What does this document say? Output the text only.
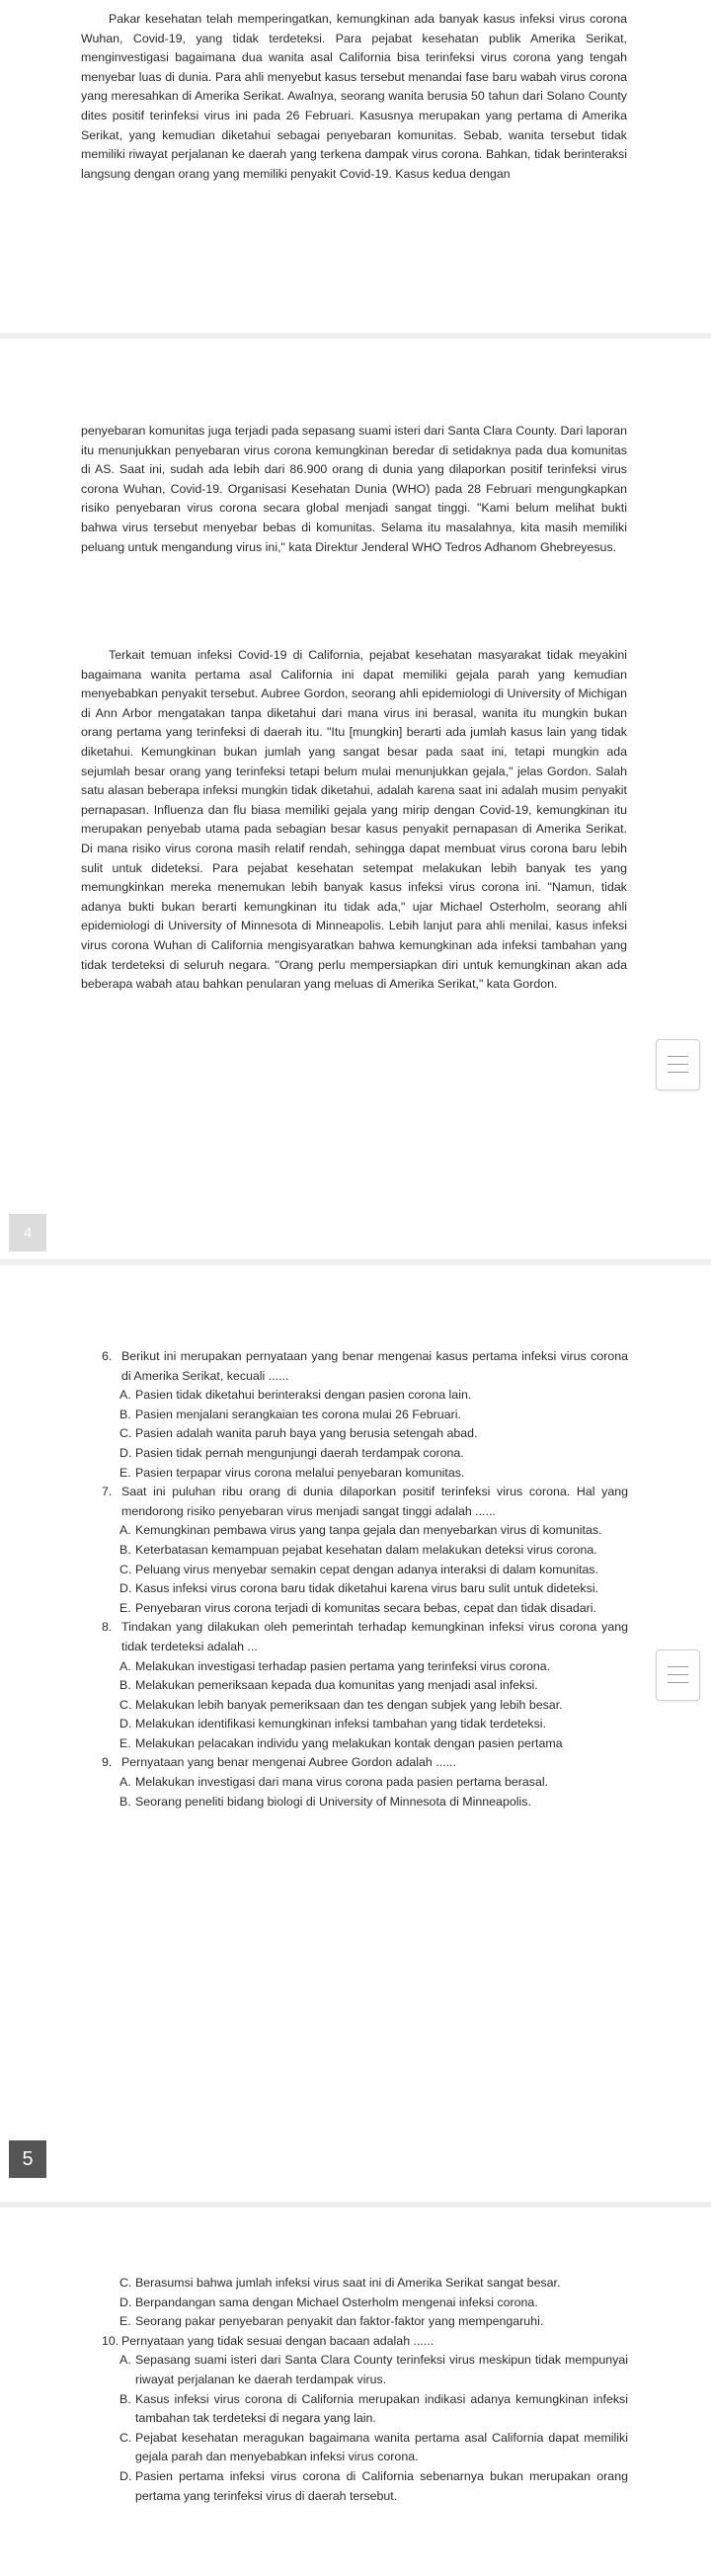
Pakar kesehatan telah memperingatkan, kemungkinan ada banyak kasus infeksi virus corona Wuhan, Covid-19, yang tidak terdeteksi. Para pejabat kesehatan publik Amerika Serikat, menginvestigasi bagaimana dua wanita asal California bisa terinfeksi virus corona yang tengah menyebar luas di dunia. Para ahli menyebut kasus tersebut menandai fase baru wabah virus corona yang meresahkan di Amerika Serikat. Awalnya, seorang wanita berusia 50 tahun dari Solano County dites positif terinfeksi virus ini pada 26 Februari. Kasusnya merupakan yang pertama di Amerika Serikat, yang kemudian diketahui sebagai penyebaran komunitas. Sebab, wanita tersebut tidak memiliki riwayat perjalanan ke daerah yang terkena dampak virus corona. Bahkan, tidak berinteraksi langsung dengan orang yang memiliki penyakit Covid-19. Kasus kedua dengan

penyebaran komunitas juga terjadi pada sepasang suami isteri dari Santa Clara County. Dari laporan itu menunjukkan penyebaran virus corona kemungkinan beredar di setidaknya pada dua komunitas di AS. Saat ini, sudah ada lebih dari 86.900 orang di dunia yang dilaporkan positif terinfeksi virus corona Wuhan, Covid-19. Organisasi Kesehatan Dunia (WHO) pada 28 Februari mengungkapkan risiko penyebaran virus corona secara global menjadi sangat tinggi. "Kami belum melihat bukti bahwa virus tersebut menyebar bebas di komunitas. Selama itu masalahnya, kita masih memiliki peluang untuk mengandung virus ini," kata Direktur Jenderal WHO Tedros Adhanom Ghebreyesus.

Terkait temuan infeksi Covid-19 di California, pejabat kesehatan masyarakat tidak meyakini bagaimana wanita pertama asal California ini dapat memiliki gejala parah yang kemudian menyebabkan penyakit tersebut. Aubree Gordon, seorang ahli epidemiologi di University of Michigan di Ann Arbor mengatakan tanpa diketahui dari mana virus ini berasal, wanita itu mungkin bukan orang pertama yang terinfeksi di daerah itu. "Itu [mungkin] berarti ada jumlah kasus lain yang tidak diketahui. Kemungkinan bukan jumlah yang sangat besar pada saat ini, tetapi mungkin ada sejumlah besar orang yang terinfeksi tetapi belum mulai menunjukkan gejala," jelas Gordon. Salah satu alasan beberapa infeksi mungkin tidak diketahui, adalah karena saat ini adalah musim penyakit pernapasan. Influenza dan flu biasa memiliki gejala yang mirip dengan Covid-19, kemungkinan itu merupakan penyebab utama pada sebagian besar kasus penyakit pernapasan di Amerika Serikat. Di mana risiko virus corona masih relatif rendah, sehingga dapat membuat virus corona baru lebih sulit untuk dideteksi. Para pejabat kesehatan setempat melakukan lebih banyak tes yang memungkinkan mereka menemukan lebih banyak kasus infeksi virus corona ini. "Namun, tidak adanya bukti bukan berarti kemungkinan itu tidak ada," ujar Michael Osterholm, seorang ahli epidemiologi di University of Minnesota di Minneapolis. Lebih lanjut para ahli menilai, kasus infeksi virus corona Wuhan di California mengisyaratkan bahwa kemungkinan ada infeksi tambahan yang tidak terdeteksi di seluruh negara. "Orang perlu mempersiapkan diri untuk kemungkinan akan ada beberapa wabah atau bahkan penularan yang meluas di Amerika Serikat," kata Gordon.

4

6. Berikut ini merupakan pernyataan yang benar mengenai kasus pertama infeksi virus corona di Amerika Serikat, kecuali ......

A. Pasien tidak diketahui berinteraksi dengan pasien corona lain.

B. Pasien menjalani serangkaian tes corona mulai 26 Februari.

C. Pasien adalah wanita paruh baya yang berusia setengah abad.

D. Pasien tidak pernah mengunjungi daerah terdampak corona.

E. Pasien terpapar virus corona melalui penyebaran komunitas.

7. Saat ini puluhan ribu orang di dunia dilaporkan positif terinfeksi virus corona. Hal yang mendorong risiko penyebaran virus menjadi sangat tinggi adalah ......

A. Kemungkinan pembawa virus yang tanpa gejala dan menyebarkan virus di komunitas.

B. Keterbatasan kemampuan pejabat kesehatan dalam melakukan deteksi virus corona.

C. Peluang virus menyebar semakin cepat dengan adanya interaksi di dalam komunitas.

D. Kasus infeksi virus corona baru tidak diketahui karena virus baru sulit untuk dideteksi.

E. Penyebaran virus corona terjadi di komunitas secara bebas, cepat dan tidak disadari.

8. Tindakan yang dilakukan oleh pemerintah terhadap kemungkinan infeksi virus corona yang tidak terdeteksi adalah ...

A. Melakukan investigasi terhadap pasien pertama yang terinfeksi virus corona.

B. Melakukan pemeriksaan kepada dua komunitas yang menjadi asal infeksi.

C. Melakukan lebih banyak pemeriksaan dan tes dengan subjek yang lebih besar.

D. Melakukan identifikasi kemungkinan infeksi tambahan yang tidak terdeteksi.

E. Melakukan pelacakan individu yang melakukan kontak dengan pasien pertama

9. Pernyataan yang benar mengenai Aubree Gordon adalah ......

A. Melakukan investigasi dari mana virus corona pada pasien pertama berasal.

B. Seorang peneliti bidang biologi di University of Minnesota di Minneapolis.

5

C. Berasumsi bahwa jumlah infeksi virus saat ini di Amerika Serikat sangat besar.

D. Berpandangan sama dengan Michael Osterholm mengenai infeksi corona.

E. Seorang pakar penyebaran penyakit dan faktor-faktor yang mempengaruhi.

10. Pernyataan yang tidak sesuai dengan bacaan adalah ......

A. Sepasang suami isteri dari Santa Clara County terinfeksi virus meskipun tidak mempunyai riwayat perjalanan ke daerah terdampak virus.

B. Kasus infeksi virus corona di California merupakan indikasi adanya kemungkinan infeksi tambahan tak terdeteksi di negara yang lain.

C. Pejabat kesehatan meragukan bagaimana wanita pertama asal California dapat memiliki gejala parah dan menyebabkan infeksi virus corona.

D. Pasien pertama infeksi virus corona di California sebenarnya bukan merupakan orang pertama yang terinfeksi virus di daerah tersebut.
